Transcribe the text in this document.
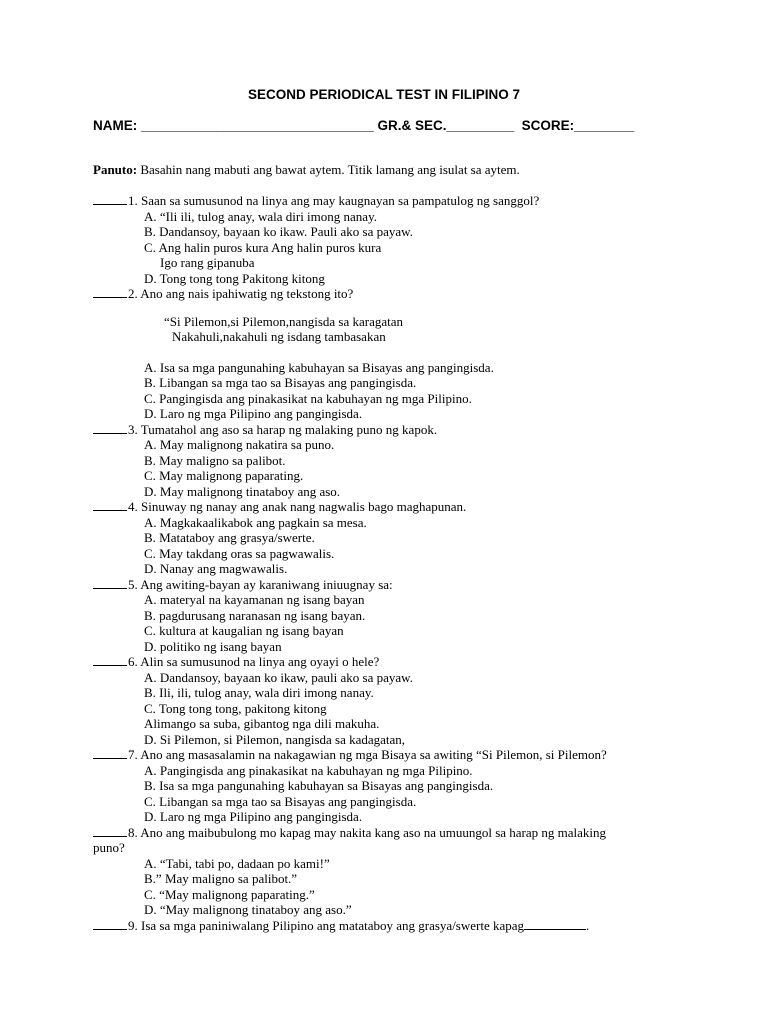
SECOND PERIODICAL TEST IN FILIPINO 7
NAME: _______________________________ GR.& SEC._________  SCORE:________
Panuto: Basahin nang mabuti ang bawat aytem. Titik lamang ang isulat sa aytem.
1. Saan sa sumusunod na linya ang may kaugnayan sa pampatulog ng sanggol?
A. “Ili ili, tulog anay, wala diri imong nanay.
B. Dandansoy, bayaan ko ikaw. Pauli ako sa payaw.
C. Ang halin puros kura Ang halin puros kura
Igo rang gipanuba
D. Tong tong tong Pakitong kitong
2. Ano ang nais ipahiwatig ng tekstong ito?
“Si Pilemon,si Pilemon,nangisda sa karagatan
Nakahuli,nakahuli ng isdang tambasakan
A. Isa sa mga pangunahing kabuhayan sa Bisayas ang pangingisda.
B. Libangan sa mga tao sa Bisayas ang pangingisda.
C. Pangingisda ang pinakasikat na kabuhayan ng mga Pilipino.
D. Laro ng mga Pilipino ang pangingisda.
3. Tumatahol ang aso sa harap ng malaking puno ng kapok.
A. May malignong nakatira sa puno.
B. May maligno sa palibot.
C. May malignong paparating.
D. May malignong tinataboy ang aso.
4. Sinuway ng nanay ang anak nang nagwalis bago maghapunan.
A. Magkakaalikabok ang pagkain sa mesa.
B. Matataboy ang grasya/swerte.
C. May takdang oras sa pagwawalis.
D. Nanay ang magwawalis.
5. Ang awiting-bayan ay karaniwang iniuugnay sa:
A. materyal na kayamanan ng isang bayan
B. pagdurusang naranasan ng isang bayan.
C. kultura at kaugalian ng isang bayan
D. politiko ng isang bayan
6. Alin sa sumusunod na linya ang oyayi o hele?
A. Dandansoy, bayaan ko ikaw, pauli ako sa payaw.
B. Ili, ili, tulog anay, wala diri imong nanay.
C. Tong tong tong, pakitong kitong
Alimango sa suba, gibantog nga dili makuha.
D. Si Pilemon, si Pilemon, nangisda sa kadagatan,
7. Ano ang masasalamin na nakagawian ng mga Bisaya sa awiting “Si Pilemon, si Pilemon?
A. Pangingisda ang pinakasikat na kabuhayan ng mga Pilipino.
B. Isa sa mga pangunahing kabuhayan sa Bisayas ang pangingisda.
C. Libangan sa mga tao sa Bisayas ang pangingisda.
D. Laro ng mga Pilipino ang pangingisda.
8. Ano ang maibubulong mo kapag may nakita kang aso na umuungol sa harap ng malaking
puno?
A. “Tabi, tabi po, dadaan po kami!”
B.” May maligno sa palibot.”
C. “May malignong paparating.”
D. “May malignong tinataboy ang aso.”
9. Isa sa mga paniniwalang Pilipino ang matataboy ang grasya/swerte kapag	.
